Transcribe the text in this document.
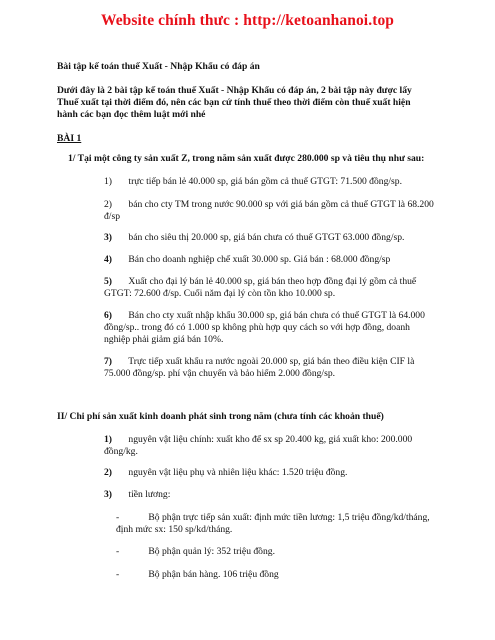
Website chính thưc : http://ketoanhanoi.top
Bài tập kế toán thuế Xuất - Nhập Khẩu có đáp án
Dưới đây là 2 bài tập kế toán thuế Xuất - Nhập Khẩu có đáp án, 2 bài tập này được lấy
Thuế xuất tại thời điểm đó, nên các bạn cứ tính thuế theo thời điểm còn thuế xuất hiện
hành các bạn đọc thêm luật mới nhé
BÀI 1
1/ Tại một công ty sản xuất Z, trong năm sản xuất được 280.000 sp và tiêu thụ như sau:
1) trực tiếp bán lẻ 40.000 sp, giá bán gồm cả thuế GTGT: 71.500 đồng/sp.
2) bán cho cty TM trong nước 90.000 sp với giá bán gồm cả thuế GTGT là 68.200
đ/sp
3) bán cho siêu thị 20.000 sp, giá bán chưa có thuế GTGT 63.000 đồng/sp.
4) Bán cho doanh nghiệp chế xuất 30.000 sp. Giá bán : 68.000 đồng/sp
5) Xuất cho đại lý bán lẻ 40.000 sp, giá bán theo hợp đồng đại lý gồm cả thuế
GTGT: 72.600 đ/sp. Cuối năm đại lý còn tồn kho 10.000 sp.
6) Bán cho cty xuất nhập khẩu 30.000 sp, giá bán chưa có thuế GTGT là 64.000
đồng/sp.. trong đó có 1.000 sp không phù hợp quy cách so với hợp đồng, doanh
nghiệp phải giảm giá bán 10%.
7) Trực tiếp xuất khẩu ra nước ngoài 20.000 sp, giá bán theo điều kiện CIF là
75.000 đồng/sp. phí vận chuyển và bảo hiểm 2.000 đồng/sp.
II/ Chi phí sản xuất kinh doanh phát sinh trong năm (chưa tính các khoản thuế)
1) nguyên vật liệu chính: xuất kho để sx sp 20.400 kg, giá xuất kho: 200.000
đồng/kg.
2) nguyên vật liệu phụ và nhiên liệu khác: 1.520 triệu đồng.
3) tiền lương:
-	Bộ phận trực tiếp sản xuất: định mức tiền lương: 1,5 triệu đồng/kd/tháng,
định mức sx: 150 sp/kd/tháng.
-	Bộ phận quản lý: 352 triệu đồng.
-	Bộ phận bán hàng. 106 triệu đồng
